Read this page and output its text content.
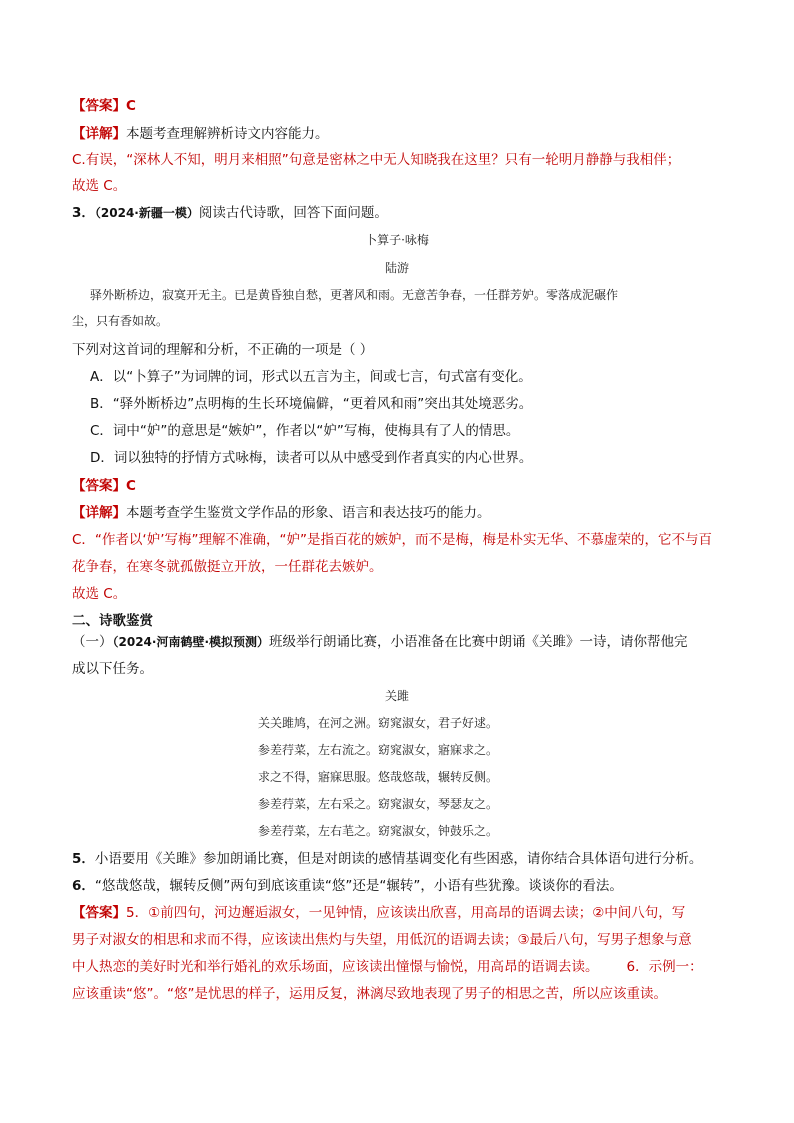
【答案】C
【详解】本题考查理解辨析诗文内容能力。
C.有误，“深林人不知，明月来相照”句意是密林之中无人知晓我在这里？只有一轮明月静静与我相伴；
故选 C。
3．（2024·新疆一模）阅读古代诗歌，回答下面问题。
卜算子·咏梅
陆游
驿外断桥边，寂寞开无主。已是黄昏独自愁，更著风和雨。无意苦争春，一任群芳妒。零落成泥碾作
尘，只有香如故。
下列对这首词的理解和分析，不正确的一项是（ ）
A．以“卜算子”为词牌的词，形式以五言为主，间或七言，句式富有变化。
B．“驿外断桥边”点明梅的生长环境偏僻，“更着风和雨”突出其处境恶劣。
C．词中“妒”的意思是“嫉妒”，作者以“妒”写梅，使梅具有了人的情思。
D．词以独特的抒情方式咏梅，读者可以从中感受到作者真实的内心世界。
【答案】C
【详解】本题考查学生鉴赏文学作品的形象、语言和表达技巧的能力。
C．“作者以‘妒’写梅”理解不准确，“妒”是指百花的嫉妒，而不是梅，梅是朴实无华、不慕虚荣的，它不与百
花争春，在寒冬就孤傲挺立开放，一任群花去嫉妒。
故选 C。
二、诗歌鉴赏
（一）（2024·河南鹤壁·模拟预测）班级举行朗诵比赛，小语准备在比赛中朗诵《关雎》一诗，请你帮他完
成以下任务。
关雎
关关雎鸠，在河之洲。窈窕淑女，君子好逑。
参差荇菜，左右流之。窈窕淑女，寤寐求之。
求之不得，寤寐思服。悠哉悠哉，辗转反侧。
参差荇菜，左右采之。窈窕淑女，琴瑟友之。
参差荇菜，左右芼之。窈窕淑女，钟鼓乐之。
5．小语要用《关雎》参加朗诵比赛，但是对朗读的感情基调变化有些困惑，请你结合具体语句进行分析。
6．“悠哉悠哉，辗转反侧”两句到底该重读“悠”还是“辗转”，小语有些犹豫。谈谈你的看法。
【答案】5．①前四句，河边邂逅淑女，一见钟情，应该读出欣喜，用高昂的语调去读；②中间八句，写
男子对淑女的相思和求而不得，应该读出焦灼与失望，用低沉的语调去读；③最后八句，写男子想象与意
中人热恋的美好时光和举行婚礼的欢乐场面，应该读出憧憬与愉悦，用高昂的语调去读。 6．示例一：
应该重读“悠”。“悠”是忧思的样子，运用反复，淋漓尽致地表现了男子的相思之苦，所以应该重读。
